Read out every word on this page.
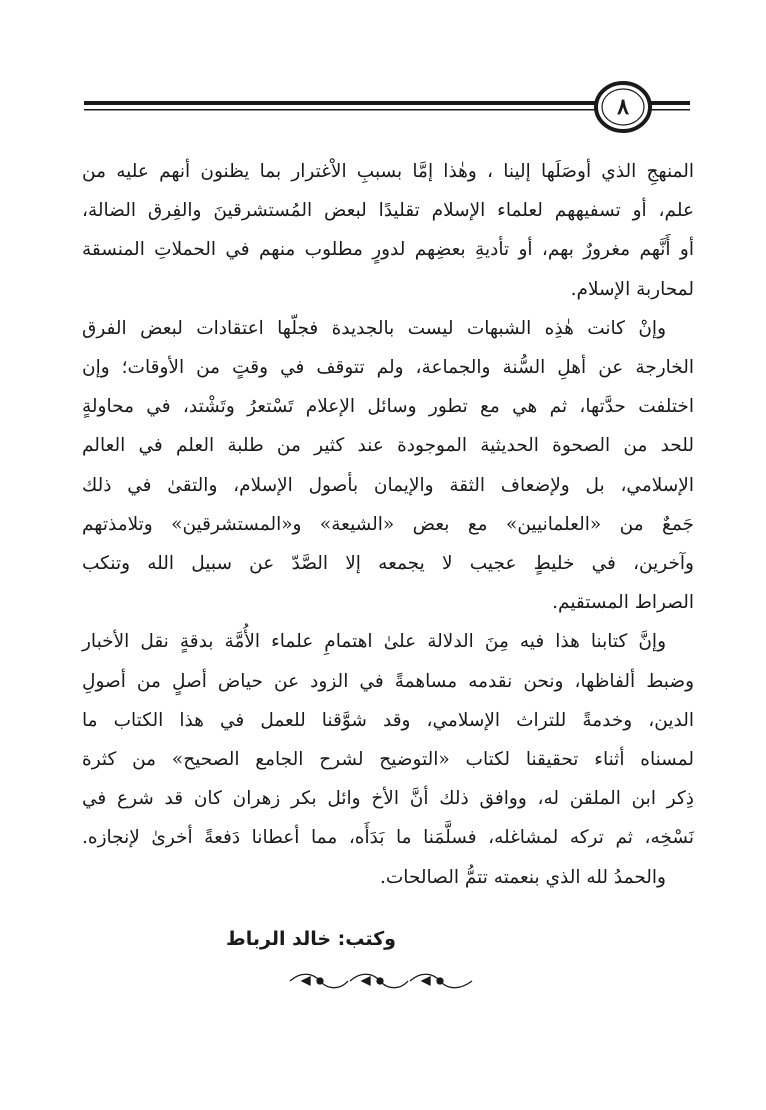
٨

المنهجِ الذي أوصَلَها إلينا ، وهٰذا إمَّا بسببِ الاْغترار بما يظنون أنهم عليه من
علم، أو تسفيههم لعلماء الإسلام تقليدًا لبعض المُستشرقينَ والفِرق الضالة،
أو أَنَّهم مغرورٌ بهم، أو تأديةِ بعضِهم لدورٍ مطلوب منهم في الحملاتِ المنسقة
لمحاربة الإسلام.

وإنْ كانت هٰذِه الشبهات ليست بالجديدة فجلّها اعتقادات لبعض الفرق
الخارجة عن أهلِ السُّنة والجماعة، ولم تتوقف في وقتٍ من الأوقات؛ وإن
اختلفت حدَّتها، ثم هي مع تطور وسائل الإعلام تَسْتعرُ وتَشْتد، في محاولةٍ
للحد من الصحوة الحديثية الموجودة عند كثير من طلبة العلم في العالم
الإسلامي، بل ولإضعاف الثقة والإيمان بأصول الإسلام، والتقىٰ في ذلك
جَمعٌ من «العلمانيين» مع بعض «الشيعة» و«المستشرقين» وتلامذتهم
وآخرين، في خليطٍ عجيب لا يجمعه إلا الصَّدّ عن سبيل الله وتنكب
الصراط المستقيم.

وإنَّ كتابنا هذا فيه مِنَ الدلالة علىٰ اهتمامِ علماء الأُمَّة بدقةٍ نقل الأخبار
وضبط ألفاظها، ونحن نقدمه مساهمةً في الزود عن حياض أصلٍ من أصولِ
الدين، وخدمةً للتراث الإسلامي، وقد شوَّقنا للعمل في هذا الكتاب ما
لمسناه أثناء تحقيقنا لكتاب «التوضيح لشرح الجامع الصحيح» من كثرة
ذِكر ابن الملقن له، ووافق ذلك أنَّ الأخ وائل بكر زهران كان قد شرع في
نَسْخِه، ثم تركه لمشاغله، فسلَّمَنا ما بَدَأَه، مما أعطانا دَفعةً أخرىٰ لإنجازه.
والحمدُ لله الذي بنعمته تتمُّ الصالحات.

وكتب: خالد الرباط
